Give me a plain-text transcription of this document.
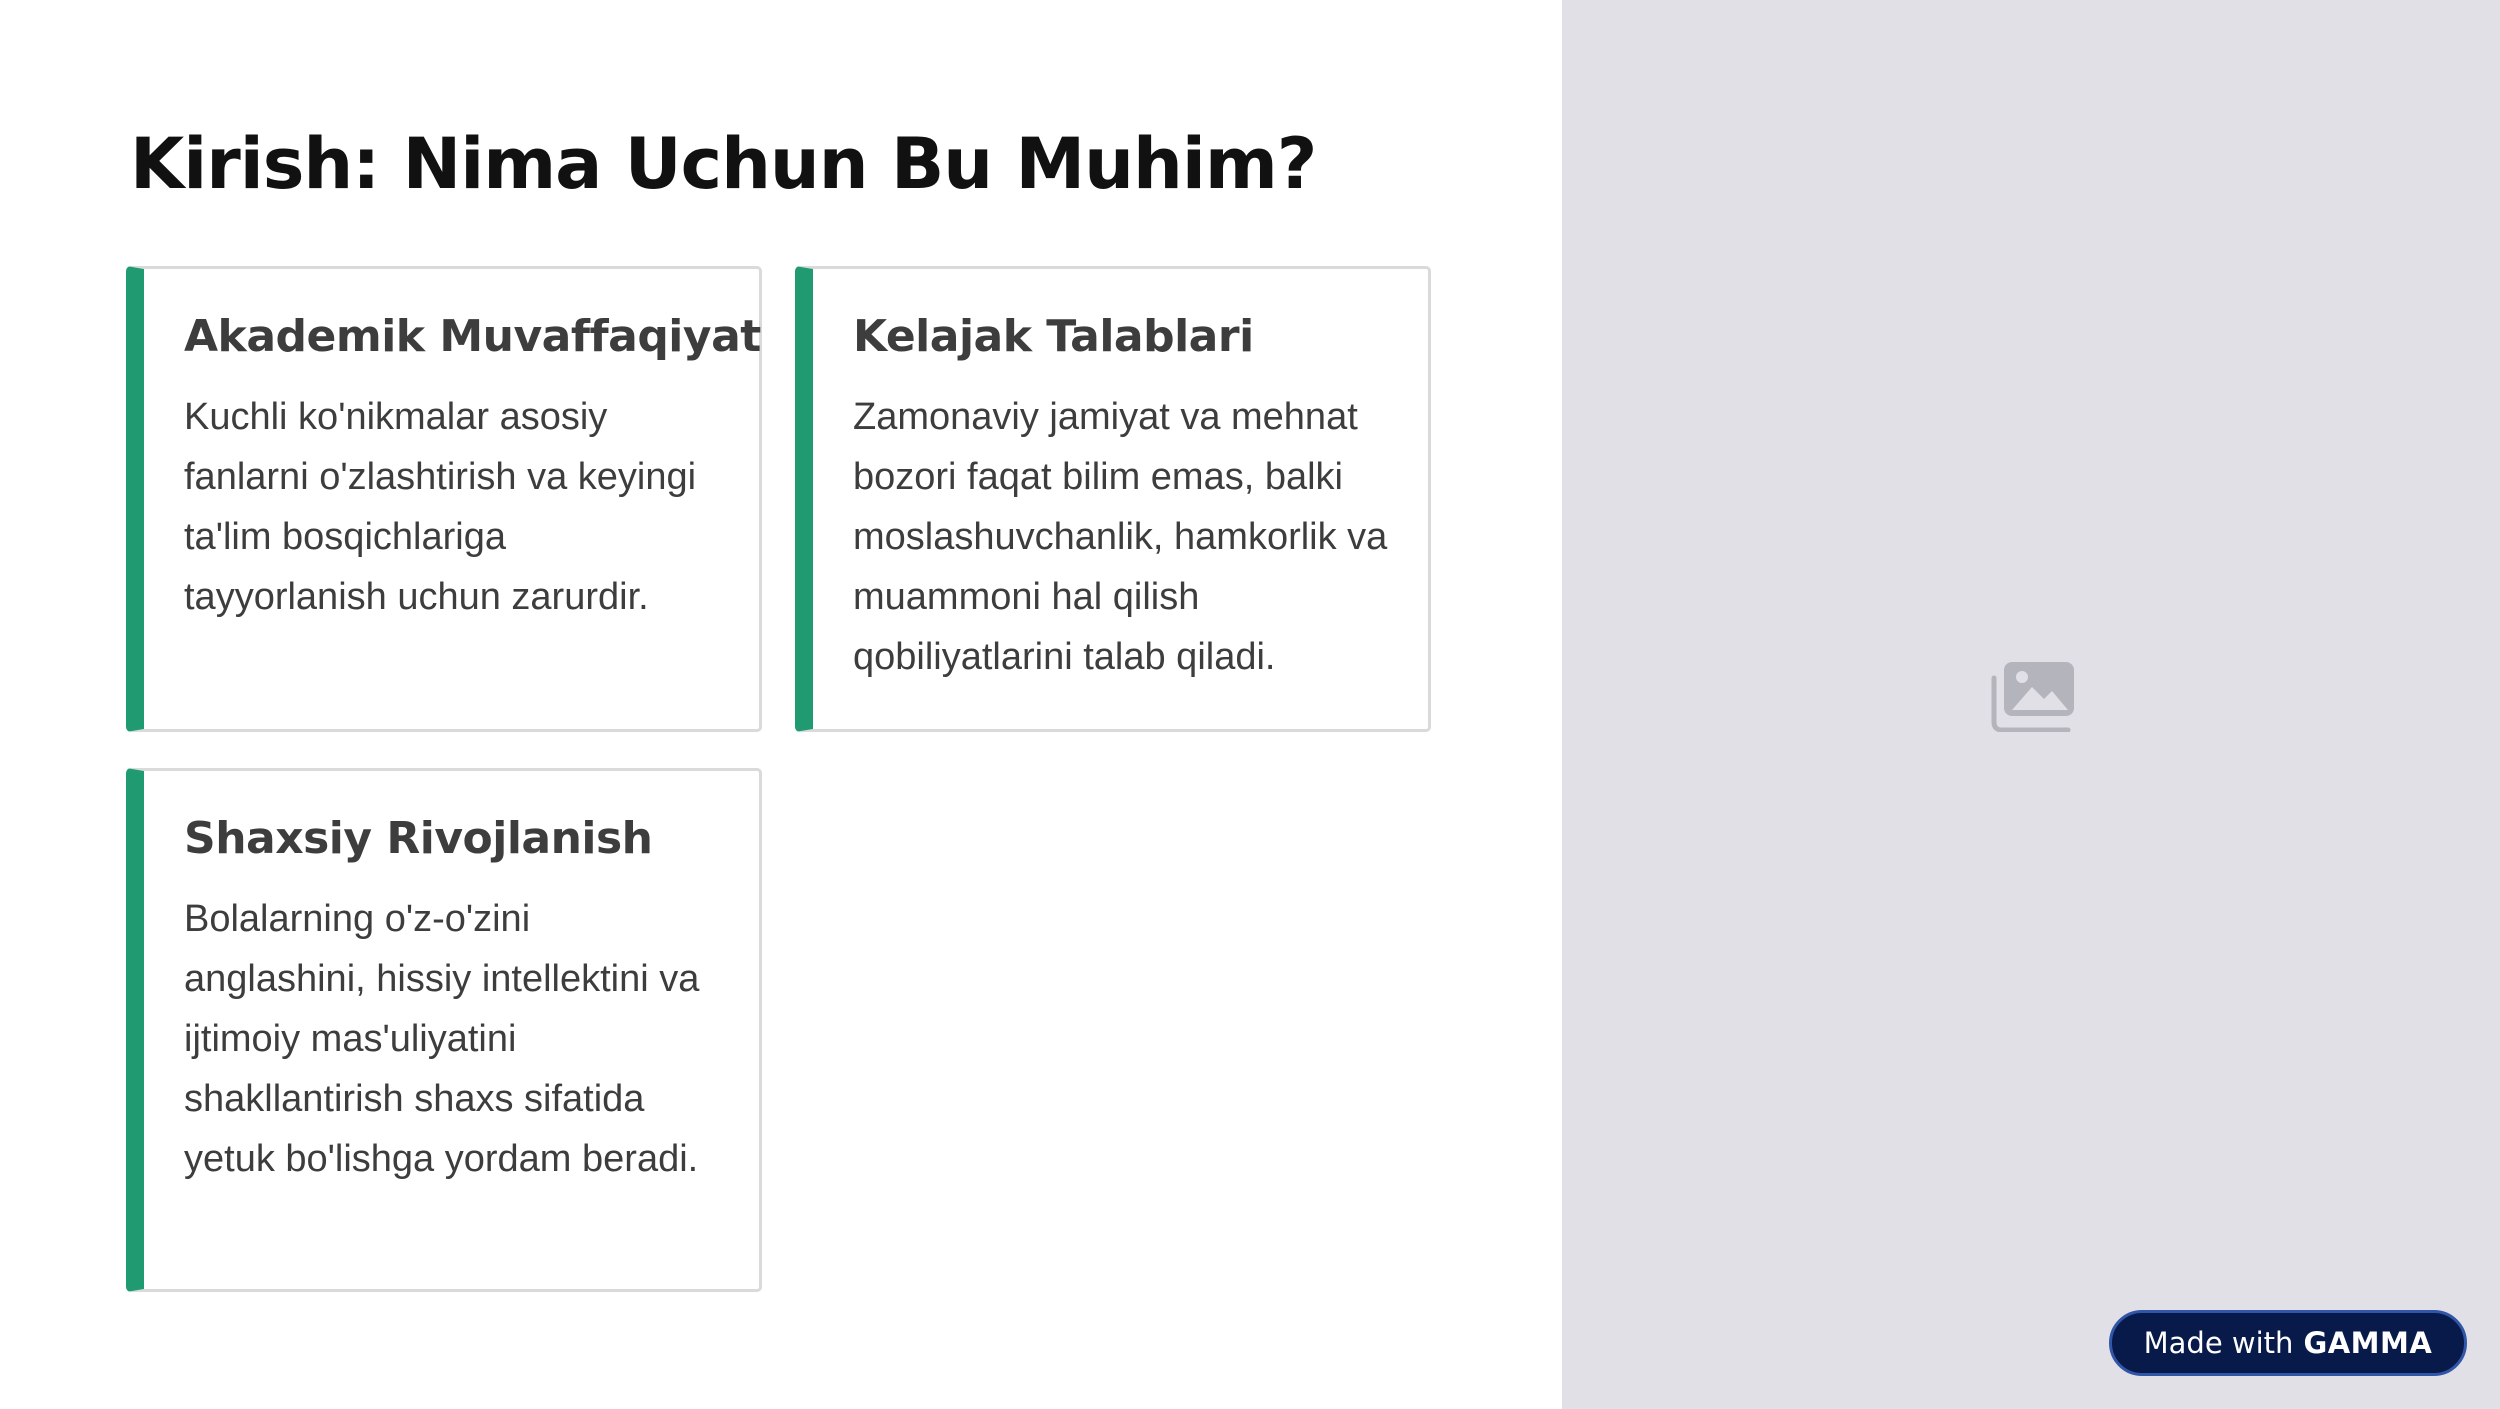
Kirish: Nima Uchun Bu Muhim?
Akademik Muvaffaqiyat

Kuchli ko'nikmalar asosiy fanlarni o'zlashtirish va keyingi ta'lim bosqichlariga tayyorlanish uchun zarurdir.

Kelajak Talablari

Zamonaviy jamiyat va mehnat bozori faqat bilim emas, balki moslashuvchanlik, hamkorlik va muammoni hal qilish qobiliyatlarini talab qiladi.

Shaxsiy Rivojlanish

Bolalarning o'z-o'zini anglashini, hissiy intellektini va ijtimoiy mas'uliyatini shakllantirish shaxs sifatida yetuk bo'lishga yordam beradi.

Made with GAMMA
